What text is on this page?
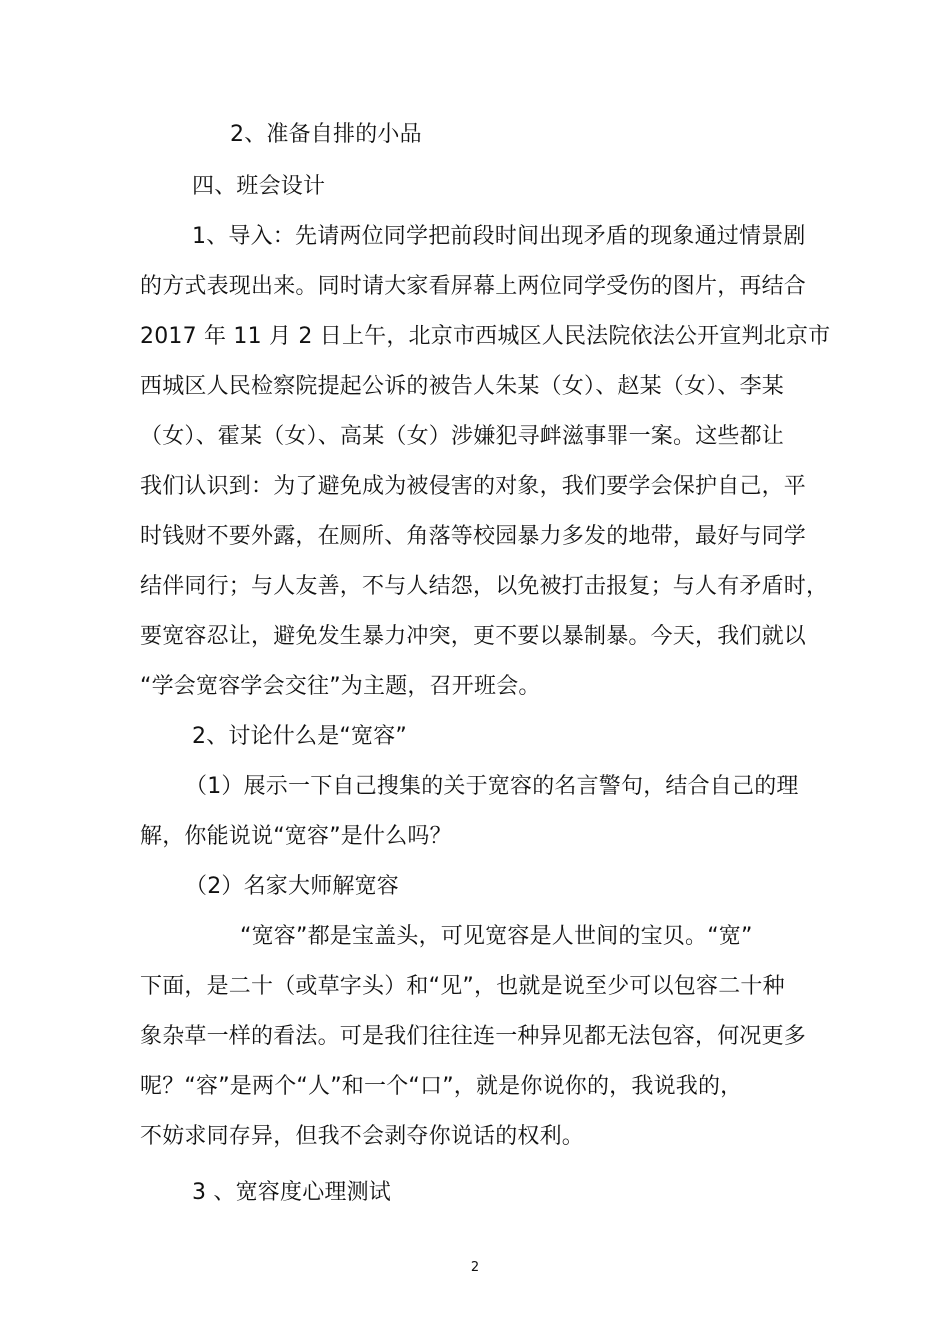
2、准备自排的小品
四、班会设计
1、导入：先请两位同学把前段时间出现矛盾的现象通过情景剧
的方式表现出来。同时请大家看屏幕上两位同学受伤的图片，再结合
2017 年 11 月 2 日上午，北京市西城区人民法院依法公开宣判北京市
西城区人民检察院提起公诉的被告人朱某（女）、赵某（女）、李某
（女）、霍某（女）、高某（女）涉嫌犯寻衅滋事罪一案。这些都让
我们认识到：为了避免成为被侵害的对象，我们要学会保护自己，平
时钱财不要外露，在厕所、角落等校园暴力多发的地带，最好与同学
结伴同行；与人友善，不与人结怨，以免被打击报复；与人有矛盾时，
要宽容忍让，避免发生暴力冲突，更不要以暴制暴。今天，我们就以
“学会宽容学会交往”为主题，召开班会。
2、讨论什么是“宽容”
（1）展示一下自己搜集的关于宽容的名言警句，结合自己的理
解，你能说说“宽容”是什么吗？
（2）名家大师解宽容
“宽容”都是宝盖头，可见宽容是人世间的宝贝。“宽”
下面，是二十（或草字头）和“见”，也就是说至少可以包容二十种
象杂草一样的看法。可是我们往往连一种异见都无法包容，何况更多
呢？“容”是两个“人”和一个“口”，就是你说你的，我说我的，
不妨求同存异，但我不会剥夺你说话的权利。
3 、宽容度心理测试
2
